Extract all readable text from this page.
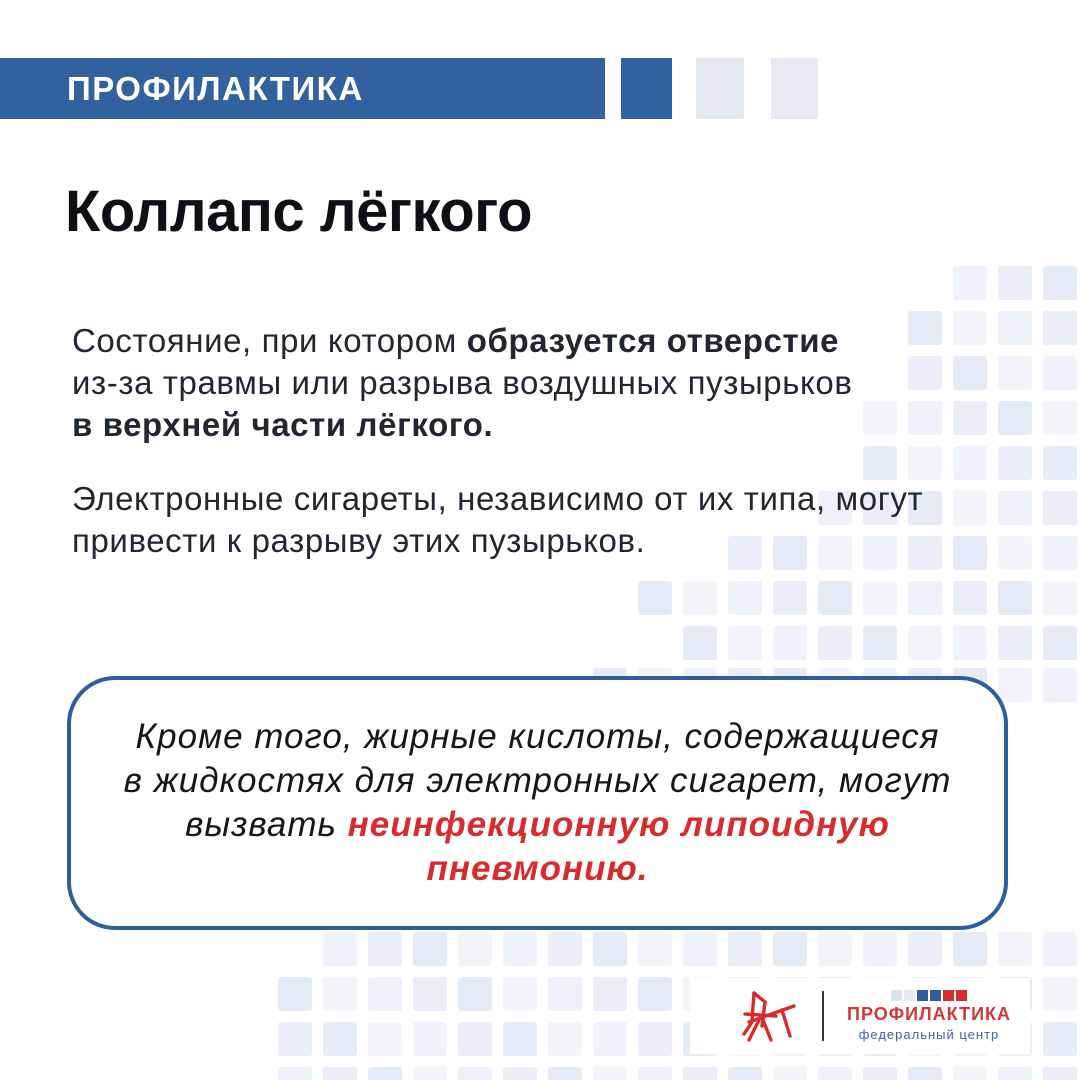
ПРОФИЛАКТИКА
Коллапс лёгкого
Состояние, при котором образуется отверстие
из-за травмы или разрыва воздушных пузырьков
в верхней части лёгкого.
Электронные сигареты, независимо от их типа, могут
привести к разрыву этих пузырьков.
Кроме того, жирные кислоты, содержащиеся
в жидкостях для электронных сигарет, могут
вызвать неинфекционную липоидную
пневмонию.
ПРОФИЛАКТИКА
федеральный центр
